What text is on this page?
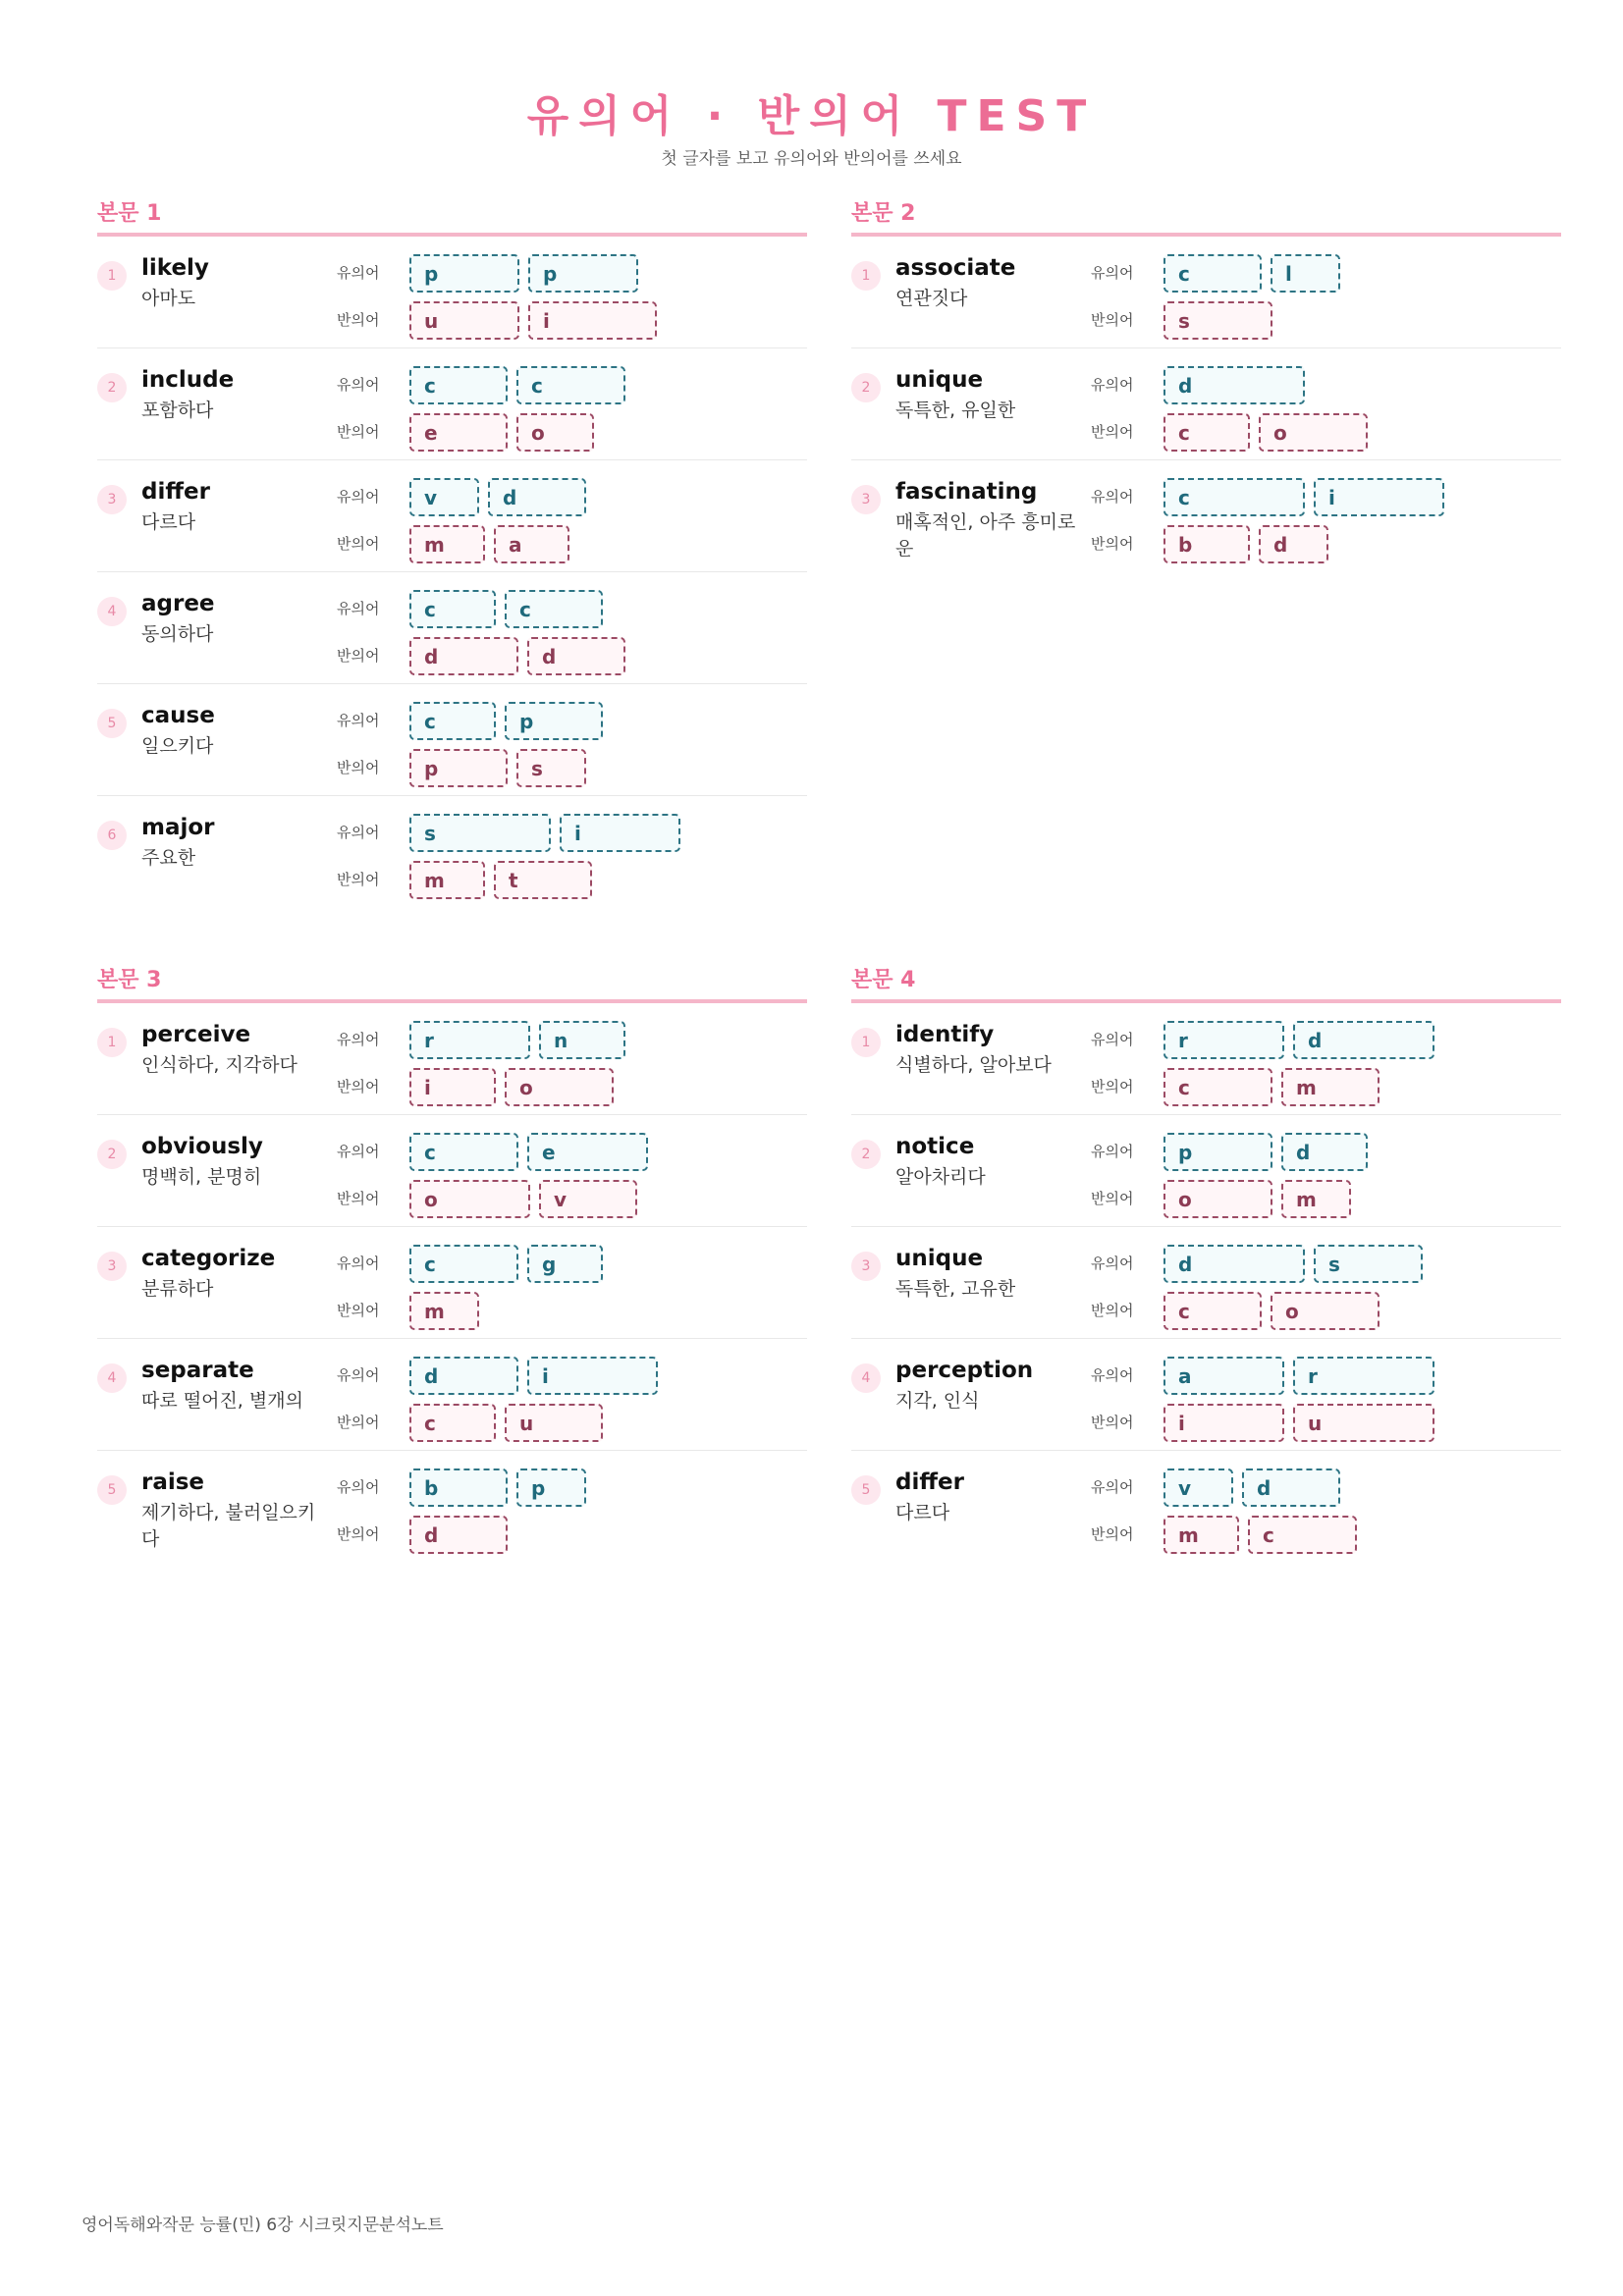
유의어 · 반의어 TEST
첫 글자를 보고 유의어와 반의어를 쓰세요
본문 1
1	likely
아마도
유의어	p	p
반의어	u	i
2	include
포함하다
유의어	c	c
반의어	e	o
3	differ
다르다
유의어	v	d
반의어	m	a
4	agree
동의하다
유의어	c	c
반의어	d	d
5	cause
일으키다
유의어	c	p
반의어	p	s
6	major
주요한
유의어	s	i
반의어	m	t
본문 2
1	associate
연관짓다
유의어	c	l
반의어	s
2	unique
독특한, 유일한
유의어	d
반의어	c	o
3	fascinating
매혹적인, 아주 흥미로운
유의어	c	i
반의어	b	d
본문 3
1	perceive
인식하다, 지각하다
유의어	r	n
반의어	i	o
2	obviously
명백히, 분명히
유의어	c	e
반의어	o	v
3	categorize
분류하다
유의어	c	g
반의어	m
4	separate
따로 떨어진, 별개의
유의어	d	i
반의어	c	u
5	raise
제기하다, 불러일으키다
유의어	b	p
반의어	d
본문 4
1	identify
식별하다, 알아보다
유의어	r	d
반의어	c	m
2	notice
알아차리다
유의어	p	d
반의어	o	m
3	unique
독특한, 고유한
유의어	d	s
반의어	c	o
4	perception
지각, 인식
유의어	a	r
반의어	i	u
5	differ
다르다
유의어	v	d
반의어	m	c
영어독해와작문 능률(민) 6강 시크릿지문분석노트
